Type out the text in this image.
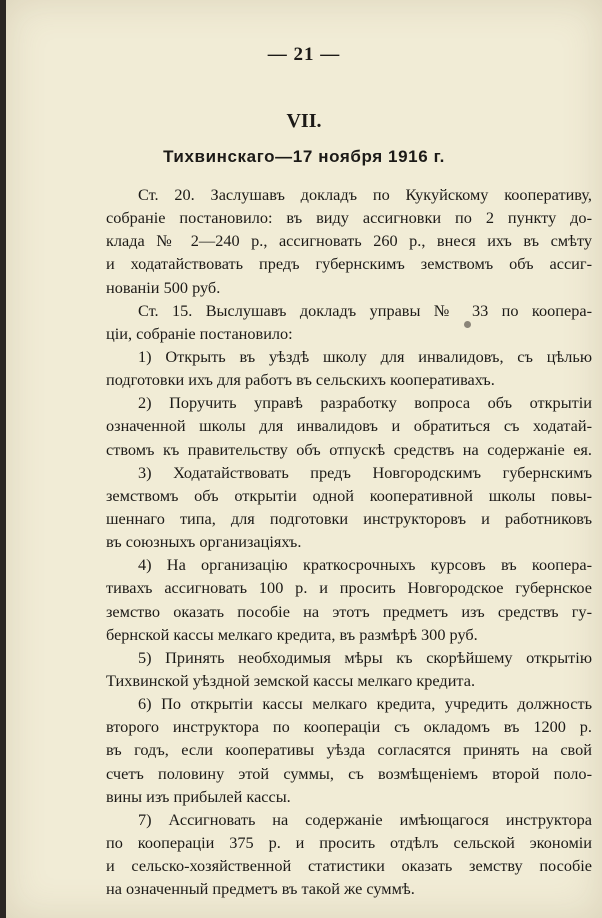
— 21 —
VII.
Тихвинскаго—17 ноября 1916 г.
Ст. 20. Заслушавъ докладъ по Кукуйскому кооперативу,
собраніе постановило: въ виду ассигновки по 2 пункту до-
клада № 2—240 р., ассигновать 260 р., внеся ихъ въ смѣту
и ходатайствовать предъ губернскимъ земствомъ объ ассиг-
нованіи 500 руб.
Ст. 15. Выслушавъ докладъ управы № 33 по коопера-
ціи, собраніе постановило:
1) Открыть въ уѣздѣ школу для инвалидовъ, съ цѣлью
подготовки ихъ для работъ въ сельскихъ кооперативахъ.
2) Поручить управѣ разработку вопроса объ открытіи
означенной школы для инвалидовъ и обратиться съ ходатай-
ствомъ къ правительству объ отпускѣ средствъ на содержаніе ея.
3) Ходатайствовать предъ Новгородскимъ губернскимъ
земствомъ объ открытіи одной кооперативной школы повы-
шеннаго типа, для подготовки инструкторовъ и работниковъ
въ союзныхъ организаціяхъ.
4) На организацію краткосрочныхъ курсовъ въ коопера-
тивахъ ассигновать 100 р. и просить Новгородское губернское
земство оказать пособіе на этотъ предметъ изъ средствъ гу-
бернской кассы мелкаго кредита, въ размѣрѣ 300 руб.
5) Принять необходимыя мѣры къ скорѣйшему открытію
Тихвинской уѣздной земской кассы мелкаго кредита.
6) По открытіи кассы мелкаго кредита, учредить должность
второго инструктора по коопераціи съ окладомъ въ 1200 р.
въ годъ, если кооперативы уѣзда согласятся принять на свой
счетъ половину этой суммы, съ возмѣщеніемъ второй поло-
вины изъ прибылей кассы.
7) Ассигновать на содержаніе имѣющагося инструктора
по коопераціи 375 р. и просить отдѣлъ сельской экономіи
и сельско-хозяйственной статистики оказать земству пособіе
на означенный предметъ въ такой же суммѣ.
